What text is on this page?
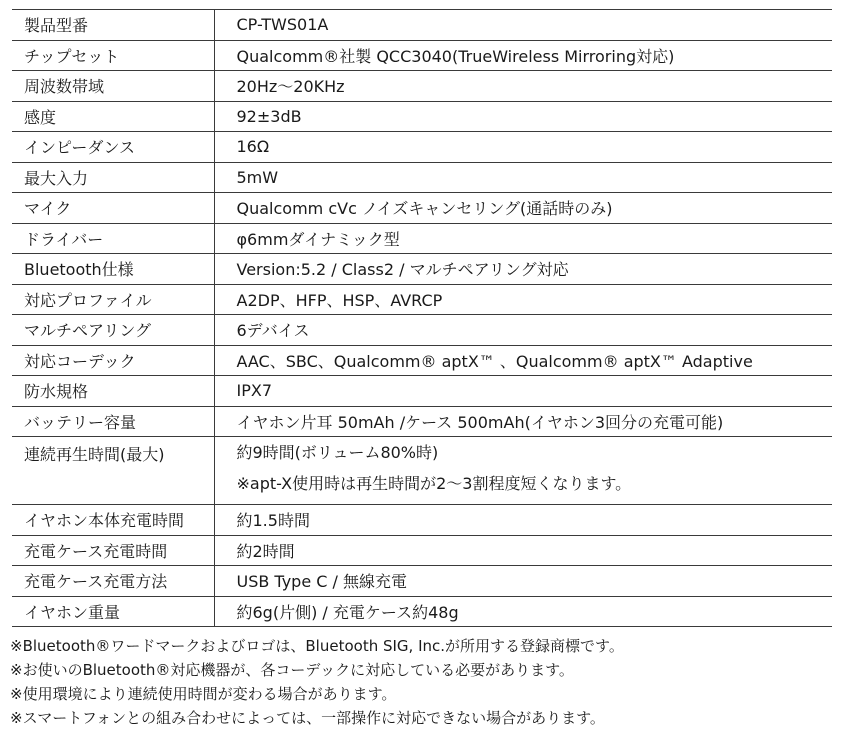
製品型番	CP-TWS01A
チップセット	Qualcomm®社製 QCC3040(TrueWireless Mirroring対応)
周波数帯域	20Hz〜20KHz
感度	92±3dB
インピーダンス	16Ω
最大入力	5mW
マイク	Qualcomm cVc ノイズキャンセリング(通話時のみ)
ドライバー	φ6mmダイナミック型
Bluetooth仕様	Version:5.2 / Class2 / マルチペアリング対応
対応プロファイル	A2DP、HFP、HSP、AVRCP
マルチペアリング	6デバイス
対応コーデック	AAC、SBC、Qualcomm® aptX™ 、Qualcomm® aptX™ Adaptive
防水規格	IPX7
バッテリー容量	イヤホン片耳 50mAh /ケース 500mAh(イヤホン3回分の充電可能)
連続再生時間(最大)	約9時間(ボリューム80%時)
※apt-X使用時は再生時間が2〜3割程度短くなります。

イヤホン本体充電時間	約1.5時間
充電ケース充電時間	約2時間
充電ケース充電方法	USB Type C / 無線充電
イヤホン重量	約6g(片側) / 充電ケース約48g
※Bluetooth®ワードマークおよびロゴは、Bluetooth SIG, Inc.が所用する登録商標です。
※お使いのBluetooth®対応機器が、各コーデックに対応している必要があります。
※使用環境により連続使用時間が変わる場合があります。
※スマートフォンとの組み合わせによっては、一部操作に対応できない場合があります。
